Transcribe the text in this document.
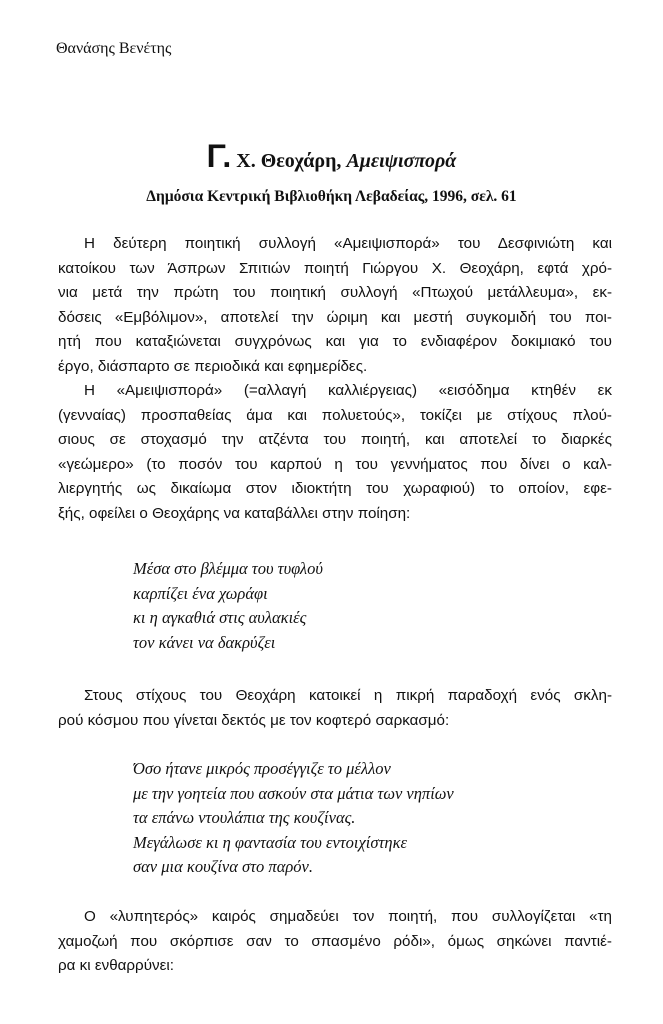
Θανάσης Βενέτης
Γ. Χ. Θεοχάρη, Αμειψισπορά
Δημόσια Κεντρική Βιβλιοθήκη Λεβαδείας, 1996, σελ. 61
Η δεύτερη ποιητική συλλογή «Αμειψισπορά» του Δεσφινιώτη και
κατοίκου των Άσπρων Σπιτιών ποιητή Γιώργου Χ. Θεοχάρη, εφτά χρό-
νια μετά την πρώτη του ποιητική συλλογή «Πτωχού μετάλλευμα», εκ-
δόσεις «Εμβόλιμον», αποτελεί την ώριμη και μεστή συγκομιδή του ποι-
ητή που καταξιώνεται συγχρόνως και για το ενδιαφέρον δοκιμιακό του
έργο, διάσπαρτο σε περιοδικά και εφημερίδες.
Η «Αμειψισπορά» (=αλλαγή καλλιέργειας) «εισόδημα κτηθέν εκ
(γενναίας) προσπαθείας άμα και πολυετούς», τοκίζει με στίχους πλού-
σιους σε στοχασμό την ατζέντα του ποιητή, και αποτελεί το διαρκές
«γεώμερο» (το ποσόν του καρπού η του γεννήματος που δίνει ο καλ-
λιεργητής ως δικαίωμα στον ιδιοκτήτη του χωραφιού) το οποίον, εφε-
ξής, οφείλει ο Θεοχάρης να καταβάλλει στην ποίηση:
Μέσα στο βλέμμα του τυφλού
καρπίζει ένα χωράφι
κι η αγκαθιά στις αυλακιές
τον κάνει να δακρύζει
Στους στίχους του Θεοχάρη κατοικεί η πικρή παραδοχή ενός σκλη-
ρού κόσμου που γίνεται δεκτός με τον κοφτερό σαρκασμό:
Όσο ήτανε μικρός προσέγγιζε το μέλλον
με την γοητεία που ασκούν στα μάτια των νηπίων
τα επάνω ντουλάπια της κουζίνας.
Μεγάλωσε κι η φαντασία του εντοιχίστηκε
σαν μια κουζίνα στο παρόν.
Ο «λυπητερός» καιρός σημαδεύει τον ποιητή, που συλλογίζεται «τη
χαμοζωή που σκόρπισε σαν το σπασμένο ρόδι», όμως σηκώνει παντιέ-
ρα κι ενθαρρύνει:
